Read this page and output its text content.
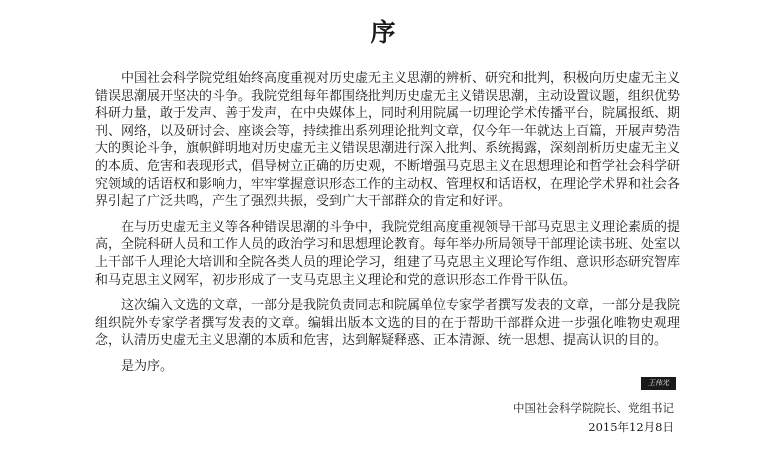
序

中国社会科学院党组始终高度重视对历史虚无主义思潮的辨析、研究和批判，积极向历史虚无主义错误思潮展开坚决的斗争。我院党组每年都围绕批判历史虚无主义错误思潮，主动设置议题，组织优势科研力量，敢于发声、善于发声，在中央媒体上，同时利用院属一切理论学术传播平台，院属报纸、期刊、网络，以及研讨会、座谈会等，持续推出系列理论批判文章，仅今年一年就达上百篇，开展声势浩大的舆论斗争，旗帜鲜明地对历史虚无主义错误思潮进行深入批判、系统揭露，深刻剖析历史虚无主义的本质、危害和表现形式，倡导树立正确的历史观，不断增强马克思主义在思想理论和哲学社会科学研究领域的话语权和影响力，牢牢掌握意识形态工作的主动权、管理权和话语权，在理论学术界和社会各界引起了广泛共鸣，产生了强烈共振，受到广大干部群众的肯定和好评。

在与历史虚无主义等各种错误思潮的斗争中，我院党组高度重视领导干部马克思主义理论素质的提高，全院科研人员和工作人员的政治学习和思想理论教育。每年举办所局领导干部理论读书班、处室以上干部千人理论大培训和全院各类人员的理论学习，组建了马克思主义理论写作组、意识形态研究智库和马克思主义网军，初步形成了一支马克思主义理论和党的意识形态工作骨干队伍。

这次编入文选的文章，一部分是我院负责同志和院属单位专家学者撰写发表的文章，一部分是我院组织院外专家学者撰写发表的文章。编辑出版本文选的目的在于帮助干部群众进一步强化唯物史观理念，认清历史虚无主义思潮的本质和危害，达到解疑释惑、正本清源、统一思想、提高认识的目的。

是为序。

王伟光
中国社会科学院院长、党组书记
2015年12月8日
